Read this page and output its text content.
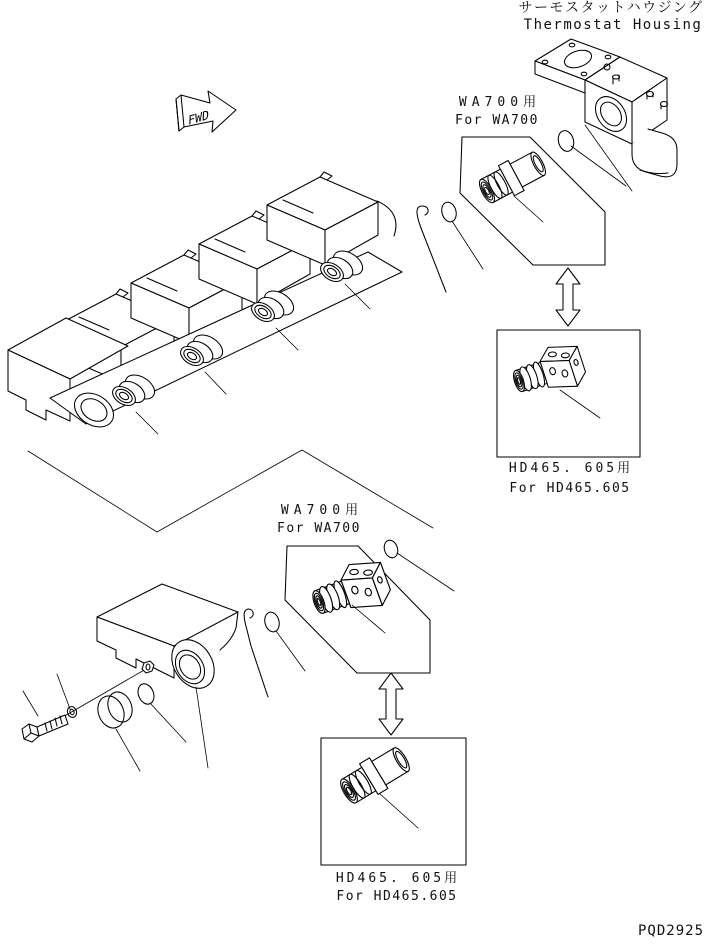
FWD
サーモスタットハウジング
Thermostat Housing
WA700用
For WA700
HD465. 605用
For HD465.605
WA700用
For WA700
HD465. 605用
For HD465.605
PQD2925
